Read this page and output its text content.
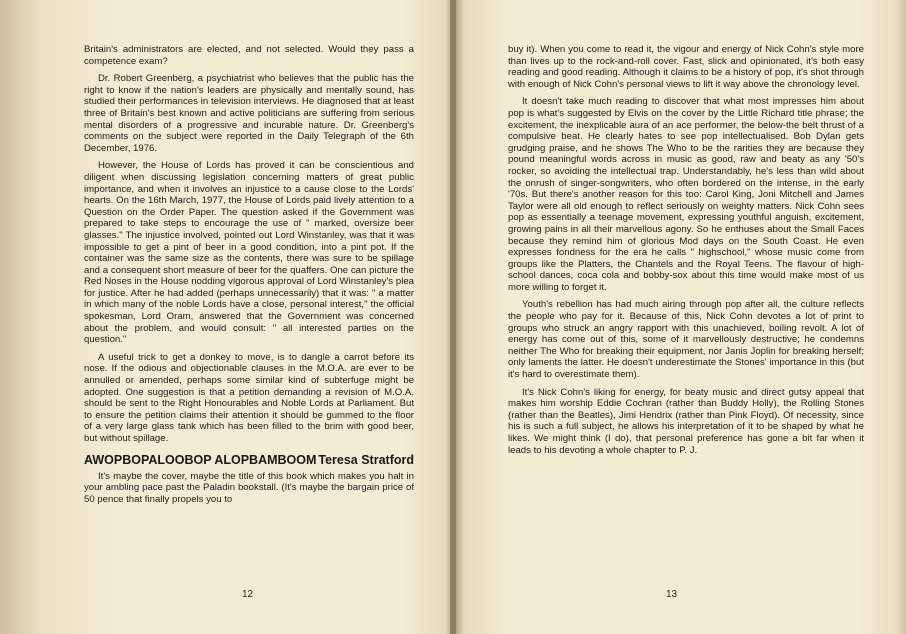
Britain's administrators are elected, and not selected. Would they pass a competence exam?

Dr. Robert Greenberg, a psychiatrist who believes that the public has the right to know if the nation's leaders are physically and mentally sound, has studied their performances in television interviews. He diagnosed that at least three of Britain's best known and active politicians are suffering from serious mental disorders of a progressive and incurable nature. Dr. Greenberg's comments on the subject were reported in the Daily Telegraph of the 6th December, 1976.

However, the House of Lords has proved it can be conscientious and diligent when discussing legislation concerning matters of great public importance, and when it involves an injustice to a cause close to the Lords' hearts. On the 16th March, 1977, the House of Lords paid lively attention to a Question on the Order Paper. The question asked if the Government was prepared to take steps to encourage the use of " marked, oversize beer glasses." The injustice involved, pointed out Lord Winstanley, was that it was impossible to get a pint of beer in a good condition, into a pint pot. If the container was the same size as the contents, there was sure to be spillage and a consequent short measure of beer for the quaffers. One can picture the Red Noses in the House nodding vigorous approval of Lord Winstanley's plea for justice. After he had added (perhaps unnecessarily) that it was: " a matter in which many of the noble Lords have a close, personal interest," the official spokesman, Lord Oram, answered that the Government was concerned about the problem, and would consult: " all interested parties on the question."

A useful trick to get a donkey to move, is to dangle a carrot before its nose. If the odious and objectionable clauses in the M.O.A. are ever to be annulled or amended, perhaps some similar kind of subterfuge might be adopted. One suggestion is that a petition demanding a revision of M.O.A. should be sent to the Right Honourables and Noble Lords at Parliament. But to ensure the petition claims their attention it should be gummed to the floor of a very large glass tank which has been filled to the brim with good beer, but without spillage.

AWOPBOPALOOBOP ALOPBAMBOOM Teresa Stratford

It's maybe the cover, maybe the title of this book which makes you halt in your ambling pace past the Paladin bookstall. (It's maybe the bargain price of 50 pence that finally propels you to

12

buy it). When you come to read it, the vigour and energy of Nick Cohn's style more than lives up to the rock-and-roll cover. Fast, slick and opinionated, it's both easy reading and good reading. Although it claims to be a history of pop, it's shot through with enough of Nick Cohn's personal views to lift it way above the chronology level.

It doesn't take much reading to discover that what most impresses him about pop is what's suggested by Elvis on the cover by the Little Richard title phrase; the excitement, the inexplicable aura of an ace performer, the below-the belt thrust of a compulsive beat. He clearly hates to see pop intellectualised. Bob Dylan gets grudging praise, and he shows The Who to be the rarities they are because they pound meaningful words across in music as good, raw and beaty as any '50's rocker, so avoiding the intellectual trap. Understandably, he's less than wild about the onrush of singer-songwriters, who often bordered on the intense, in the early '70s. But there's another reason for this too: Carol King, Joni Mitchell and James Taylor were all old enough to reflect seriously on weighty matters. Nick Cohn sees pop as essentially a teenage movement, expressing youthful anguish, excitement, growing pains in all their marvellous agony. So he enthuses about the Small Faces because they remind him of glorious Mod days on the South Coast. He even expresses fondness for the era he calls " highschool," whose music come from groups like the Platters, the Chantels and the Royal Teens. The flavour of high-school dances, coca cola and bobby-sox about this time would make most of us more willing to forget it.

Youth's rebellion has had much airing through pop after all, the culture reflects the people who pay for it. Because of this, Nick Cohn devotes a lot of print to groups who struck an angry rapport with this unachieved, boiling revolt. A lot of energy has come out of this, some of it marvellously destructive; he condemns neither The Who for breaking their equipment, nor Janis Joplin for breaking herself; only laments the latter. He doesn't underestimate the Stones' importance in this (but it's hard to overestimate them).

It's Nick Cohn's liking for energy, for beaty music and direct gutsy appeal that makes him worship Eddie Cochran (rather than Buddy Holly), the Rolling Stones (rather than the Beatles), Jimi Hendrix (rather than Pink Floyd). Of necessity, since his is such a full subject, he allows his interpretation of it to be shaped by what he likes. We might think (I do), that personal preference has gone a bit far when it leads to his devoting a whole chapter to P. J.

13
